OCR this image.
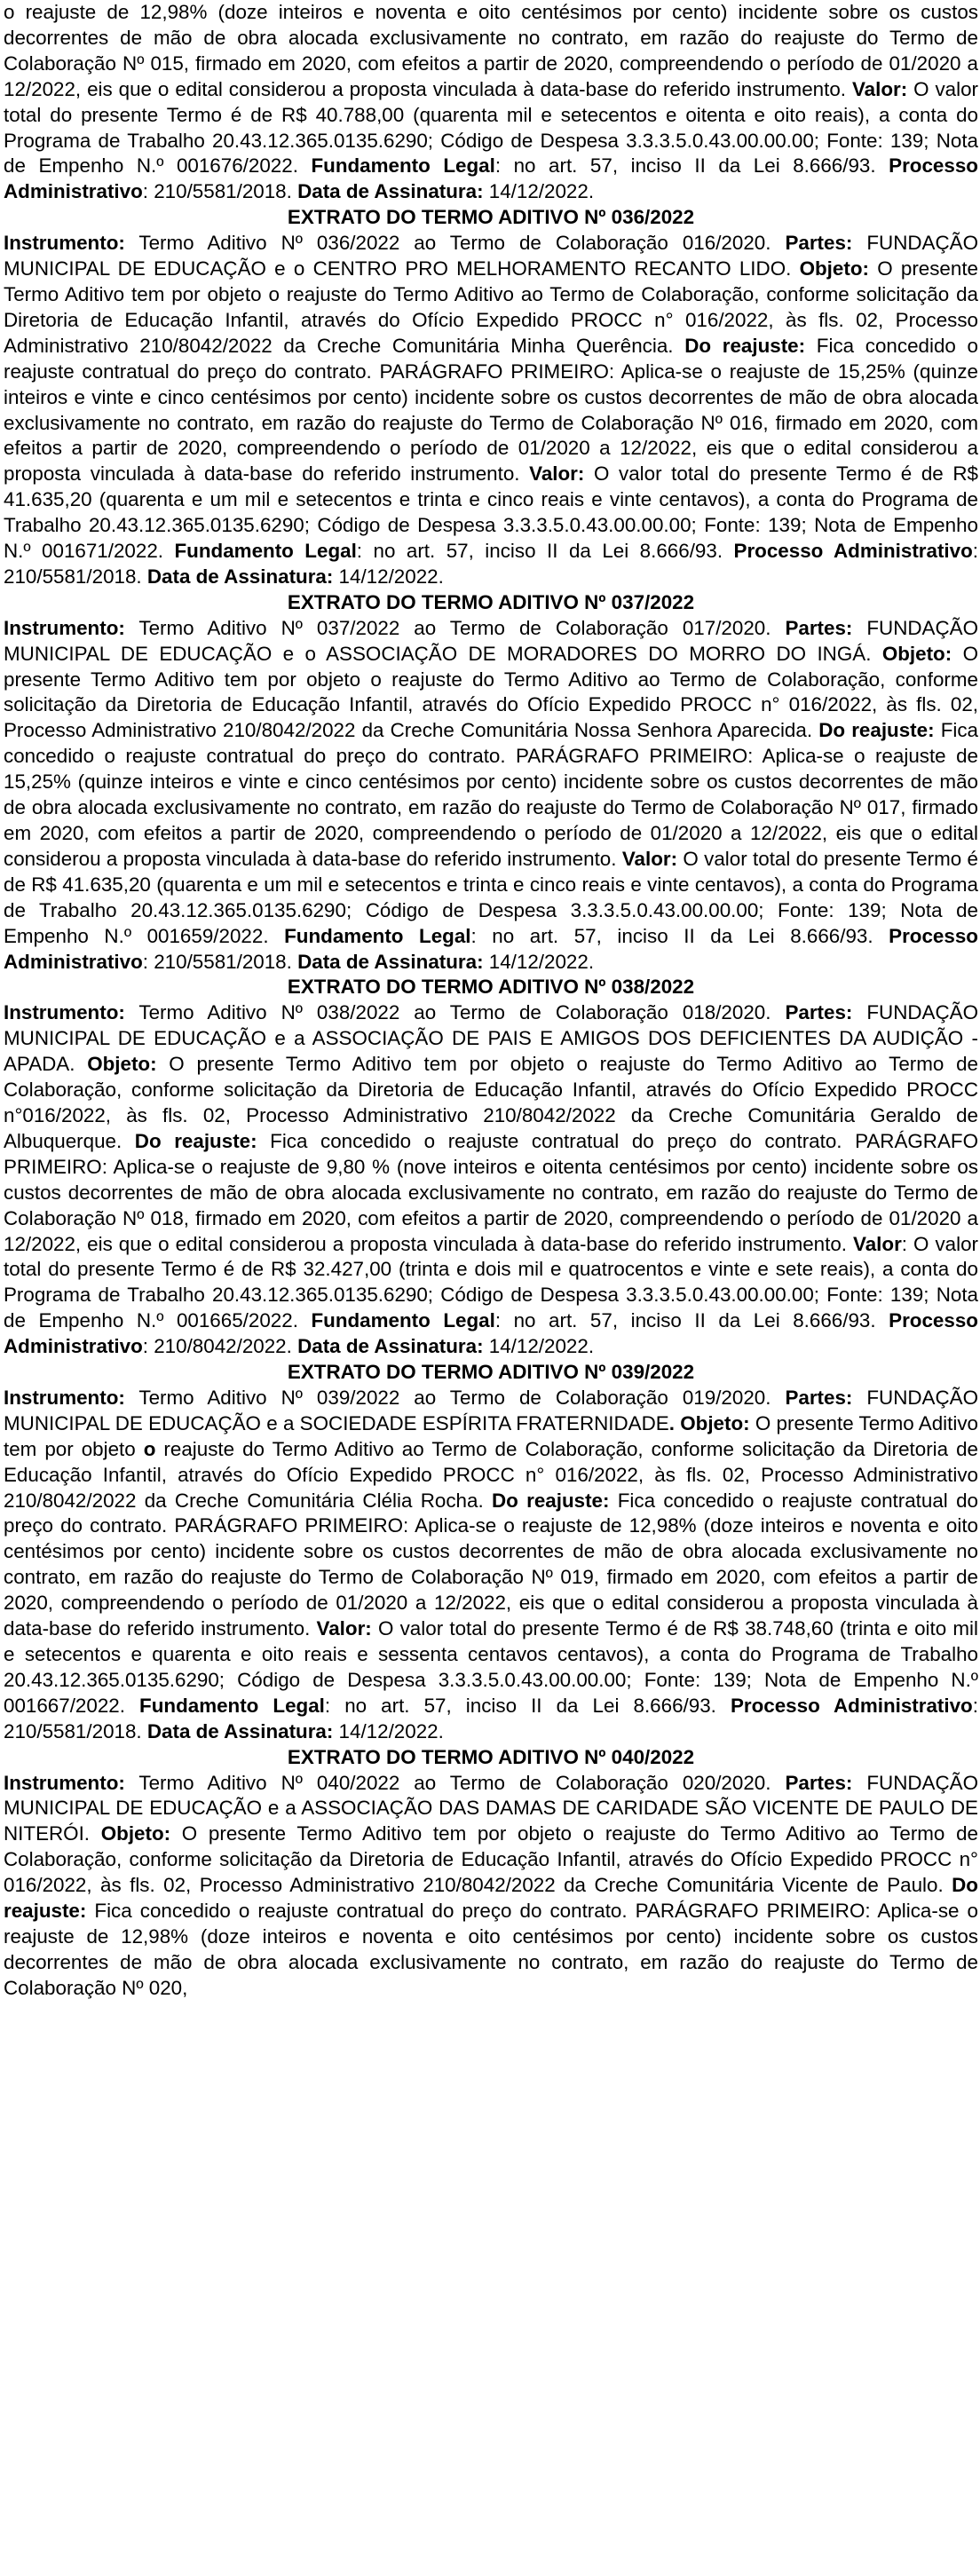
o reajuste de 12,98% (doze inteiros e noventa e oito centésimos por cento) incidente sobre os custos decorrentes de mão de obra alocada exclusivamente no contrato, em razão do reajuste do Termo de Colaboração Nº 015, firmado em 2020, com efeitos a partir de 2020, compreendendo o período de 01/2020 a 12/2022, eis que o edital considerou a proposta vinculada à data-base do referido instrumento. Valor: O valor total do presente Termo é de R$ 40.788,00 (quarenta mil e setecentos e oitenta e oito reais), a conta do Programa de Trabalho 20.43.12.365.0135.6290; Código de Despesa 3.3.3.5.0.43.00.00.00; Fonte: 139; Nota de Empenho N.º 001676/2022. Fundamento Legal: no art. 57, inciso II da Lei 8.666/93. Processo Administrativo: 210/5581/2018. Data de Assinatura: 14/12/2022.

EXTRATO DO TERMO ADITIVO Nº 036/2022

Instrumento: Termo Aditivo Nº 036/2022 ao Termo de Colaboração 016/2020. Partes: FUNDAÇÃO MUNICIPAL DE EDUCAÇÃO e o CENTRO PRO MELHORAMENTO RECANTO LIDO. Objeto: O presente Termo Aditivo tem por objeto o reajuste do Termo Aditivo ao Termo de Colaboração, conforme solicitação da Diretoria de Educação Infantil, através do Ofício Expedido PROCC n° 016/2022, às fls. 02, Processo Administrativo 210/8042/2022 da Creche Comunitária Minha Querência. Do reajuste: Fica concedido o reajuste contratual do preço do contrato. PARÁGRAFO PRIMEIRO: Aplica-se o reajuste de 15,25% (quinze inteiros e vinte e cinco centésimos por cento) incidente sobre os custos decorrentes de mão de obra alocada exclusivamente no contrato, em razão do reajuste do Termo de Colaboração Nº 016, firmado em 2020, com efeitos a partir de 2020, compreendendo o período de 01/2020 a 12/2022, eis que o edital considerou a proposta vinculada à data-base do referido instrumento. Valor: O valor total do presente Termo é de R$ 41.635,20 (quarenta e um mil e setecentos e trinta e cinco reais e vinte centavos), a conta do Programa de Trabalho 20.43.12.365.0135.6290; Código de Despesa 3.3.3.5.0.43.00.00.00; Fonte: 139; Nota de Empenho N.º 001671/2022. Fundamento Legal: no art. 57, inciso II da Lei 8.666/93. Processo Administrativo: 210/5581/2018. Data de Assinatura: 14/12/2022.

EXTRATO DO TERMO ADITIVO Nº 037/2022

Instrumento: Termo Aditivo Nº 037/2022 ao Termo de Colaboração 017/2020. Partes: FUNDAÇÃO MUNICIPAL DE EDUCAÇÃO e o ASSOCIAÇÃO DE MORADORES DO MORRO DO INGÁ. Objeto: O presente Termo Aditivo tem por objeto o reajuste do Termo Aditivo ao Termo de Colaboração, conforme solicitação da Diretoria de Educação Infantil, através do Ofício Expedido PROCC n° 016/2022, às fls. 02, Processo Administrativo 210/8042/2022 da Creche Comunitária Nossa Senhora Aparecida. Do reajuste: Fica concedido o reajuste contratual do preço do contrato. PARÁGRAFO PRIMEIRO: Aplica-se o reajuste de 15,25% (quinze inteiros e vinte e cinco centésimos por cento) incidente sobre os custos decorrentes de mão de obra alocada exclusivamente no contrato, em razão do reajuste do Termo de Colaboração Nº 017, firmado em 2020, com efeitos a partir de 2020, compreendendo o período de 01/2020 a 12/2022, eis que o edital considerou a proposta vinculada à data-base do referido instrumento. Valor: O valor total do presente Termo é de R$ 41.635,20 (quarenta e um mil e setecentos e trinta e cinco reais e vinte centavos), a conta do Programa de Trabalho 20.43.12.365.0135.6290; Código de Despesa 3.3.3.5.0.43.00.00.00; Fonte: 139; Nota de Empenho N.º 001659/2022. Fundamento Legal: no art. 57, inciso II da Lei 8.666/93. Processo Administrativo: 210/5581/2018. Data de Assinatura: 14/12/2022.

EXTRATO DO TERMO ADITIVO Nº 038/2022

Instrumento: Termo Aditivo Nº 038/2022 ao Termo de Colaboração 018/2020. Partes: FUNDAÇÃO MUNICIPAL DE EDUCAÇÃO e a ASSOCIAÇÃO DE PAIS E AMIGOS DOS DEFICIENTES DA AUDIÇÃO - APADA. Objeto: O presente Termo Aditivo tem por objeto o reajuste do Termo Aditivo ao Termo de Colaboração, conforme solicitação da Diretoria de Educação Infantil, através do Ofício Expedido PROCC n°016/2022, às fls. 02, Processo Administrativo 210/8042/2022 da Creche Comunitária Geraldo de Albuquerque. Do reajuste: Fica concedido o reajuste contratual do preço do contrato. PARÁGRAFO PRIMEIRO: Aplica-se o reajuste de 9,80 % (nove inteiros e oitenta centésimos por cento) incidente sobre os custos decorrentes de mão de obra alocada exclusivamente no contrato, em razão do reajuste do Termo de Colaboração Nº 018, firmado em 2020, com efeitos a partir de 2020, compreendendo o período de 01/2020 a 12/2022, eis que o edital considerou a proposta vinculada à data-base do referido instrumento. Valor: O valor total do presente Termo é de R$ 32.427,00 (trinta e dois mil e quatrocentos e vinte e sete reais), a conta do Programa de Trabalho 20.43.12.365.0135.6290; Código de Despesa 3.3.3.5.0.43.00.00.00; Fonte: 139; Nota de Empenho N.º 001665/2022. Fundamento Legal: no art. 57, inciso II da Lei 8.666/93. Processo Administrativo: 210/8042/2022. Data de Assinatura: 14/12/2022.

EXTRATO DO TERMO ADITIVO Nº 039/2022

Instrumento: Termo Aditivo Nº 039/2022 ao Termo de Colaboração 019/2020. Partes: FUNDAÇÃO MUNICIPAL DE EDUCAÇÃO e a SOCIEDADE ESPÍRITA FRATERNIDADE. Objeto: O presente Termo Aditivo tem por objeto o reajuste do Termo Aditivo ao Termo de Colaboração, conforme solicitação da Diretoria de Educação Infantil, através do Ofício Expedido PROCC n° 016/2022, às fls. 02, Processo Administrativo 210/8042/2022 da Creche Comunitária Clélia Rocha. Do reajuste: Fica concedido o reajuste contratual do preço do contrato. PARÁGRAFO PRIMEIRO: Aplica-se o reajuste de 12,98% (doze inteiros e noventa e oito centésimos por cento) incidente sobre os custos decorrentes de mão de obra alocada exclusivamente no contrato, em razão do reajuste do Termo de Colaboração Nº 019, firmado em 2020, com efeitos a partir de 2020, compreendendo o período de 01/2020 a 12/2022, eis que o edital considerou a proposta vinculada à data-base do referido instrumento. Valor: O valor total do presente Termo é de R$ 38.748,60 (trinta e oito mil e setecentos e quarenta e oito reais e sessenta centavos centavos), a conta do Programa de Trabalho 20.43.12.365.0135.6290; Código de Despesa 3.3.3.5.0.43.00.00.00; Fonte: 139; Nota de Empenho N.º 001667/2022. Fundamento Legal: no art. 57, inciso II da Lei 8.666/93. Processo Administrativo: 210/5581/2018. Data de Assinatura: 14/12/2022.

EXTRATO DO TERMO ADITIVO Nº 040/2022

Instrumento: Termo Aditivo Nº 040/2022 ao Termo de Colaboração 020/2020. Partes: FUNDAÇÃO MUNICIPAL DE EDUCAÇÃO e a ASSOCIAÇÃO DAS DAMAS DE CARIDADE SÃO VICENTE DE PAULO DE NITERÓI. Objeto: O presente Termo Aditivo tem por objeto o reajuste do Termo Aditivo ao Termo de Colaboração, conforme solicitação da Diretoria de Educação Infantil, através do Ofício Expedido PROCC n° 016/2022, às fls. 02, Processo Administrativo 210/8042/2022 da Creche Comunitária Vicente de Paulo. Do reajuste: Fica concedido o reajuste contratual do preço do contrato. PARÁGRAFO PRIMEIRO: Aplica-se o reajuste de 12,98% (doze inteiros e noventa e oito centésimos por cento) incidente sobre os custos decorrentes de mão de obra alocada exclusivamente no contrato, em razão do reajuste do Termo de Colaboração Nº 020,
